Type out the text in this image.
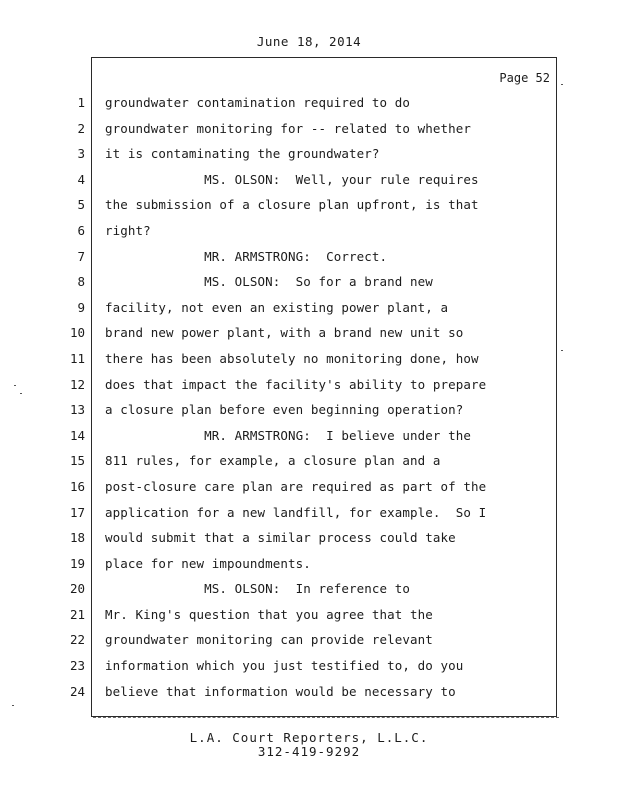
June 18, 2014
Page 52
1
2
3
4
5
6
7
8
9
10
11
12
13
14
15
16
17
18
19
20
21
22
23
24
groundwater contamination required to do
groundwater monitoring for -- related to whether
it is contaminating the groundwater?
MS. OLSON:  Well, your rule requires
the submission of a closure plan upfront, is that
right?
MR. ARMSTRONG:  Correct.
MS. OLSON:  So for a brand new
facility, not even an existing power plant, a
brand new power plant, with a brand new unit so
there has been absolutely no monitoring done, how
does that impact the facility's ability to prepare
a closure plan before even beginning operation?
MR. ARMSTRONG:  I believe under the
811 rules, for example, a closure plan and a
post-closure care plan are required as part of the
application for a new landfill, for example.  So I
would submit that a similar process could take
place for new impoundments.
MS. OLSON:  In reference to
Mr. King's question that you agree that the
groundwater monitoring can provide relevant
information which you just testified to, do you
believe that information would be necessary to
L.A. Court Reporters, L.L.C.
312-419-9292
